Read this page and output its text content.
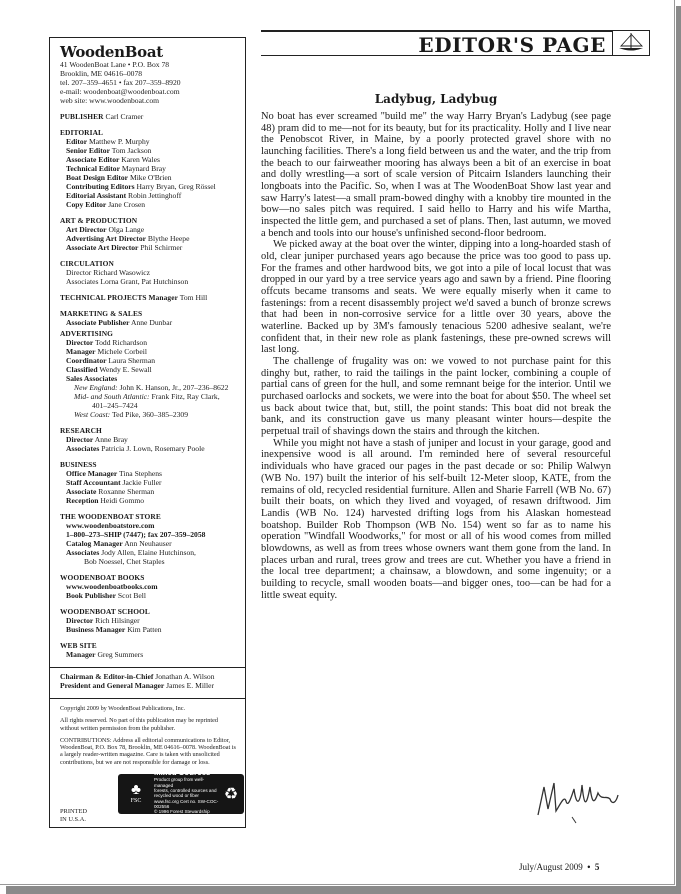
WoodenBoat
41 WoodenBoat Lane • P.O. Box 78
Brooklin, ME 04616–0078
tel. 207–359–4651 • fax 207–359–8920
e-mail: woodenboat@woodenboat.com
web site: www.woodenboat.com
PUBLISHER Carl Cramer
EDITORIAL
Editor Matthew P. Murphy
Senior Editor Tom Jackson
Associate Editor Karen Wales
Technical Editor Maynard Bray
Boat Design Editor Mike O'Brien
Contributing Editors Harry Bryan, Greg Rössel
Editorial Assistant Robin Jettinghoff
Copy Editor Jane Crosen
ART & PRODUCTION
Art Director Olga Lange
Advertising Art Director Blythe Heepe
Associate Art Director Phil Schirmer
CIRCULATION
Director Richard Wasowicz
Associates Lorna Grant, Pat Hutchinson
TECHNICAL PROJECTS Manager Tom Hill
MARKETING & SALES
Associate Publisher Anne Dunbar
ADVERTISING
Director Todd Richardson
Manager Michele Corbeil
Coordinator Laura Sherman
Classified Wendy E. Sewall
Sales Associates
New England: John K. Hanson, Jr., 207–236–8622
Mid- and South Atlantic: Frank Fitz, Ray Clark,
401–245–7424
West Coast: Ted Pike, 360–385–2309
RESEARCH
Director Anne Bray
Associates Patricia J. Lown, Rosemary Poole
BUSINESS
Office Manager Tina Stephens
Staff Accountant Jackie Fuller
Associate Roxanne Sherman
Reception Heidi Gommo
THE WOODENBOAT STORE
www.woodenboatstore.com
1–800–273–SHIP (7447); fax 207–359–2058
Catalog Manager Ann Neuhauser
Associates Jody Allen, Elaine Hutchinson,
Bob Noessel, Chet Staples
WOODENBOAT BOOKS
www.woodenboatbooks.com
Book Publisher Scot Bell
WOODENBOAT SCHOOL
Director Rich Hilsinger
Business Manager Kim Patten
WEB SITE
Manager Greg Summers
Chairman & Editor-in-Chief Jonathan A. Wilson
President and General Manager James E. Miller
Copyright 2009 by WoodenBoat Publications, Inc.
All rights reserved. No part of this publication may be reprinted without written permission from the publisher.
CONTRIBUTIONS: Address all editorial communications to Editor, WoodenBoat, P.O. Box 78, Brooklin, ME 04616–0078. WoodenBoat is a largely reader-written magazine. Care is taken with unsolicited contributions, but we are not responsible for damage or loss.
♣
FSC
Mixed Sources
Product group from well-managed
forests, controlled sources and
recycled wood or fiber
www.fsc.org Cert no. SW-COC-002556
© 1996 Forest Stewardship Council
♻
PRINTED
IN U.S.A.
EDITOR'S PAGE
Ladybug, Ladybug

No boat has ever screamed "build me" the way Harry Bryan's Ladybug (see page 48) pram did to me—not for its beauty, but for its practicality. Holly and I live near the Penobscot River, in Maine, by a poorly protected gravel shore with no launching facilities. There's a long field between us and the water, and the trip from the beach to our fairweather mooring has always been a bit of an exercise in boat and dolly wrestling—a sort of scale version of Pitcairn Islanders launching their longboats into the Pacific. So, when I was at The WoodenBoat Show last year and saw Harry's latest—a small pram-bowed dinghy with a knobby tire mounted in the bow—no sales pitch was required. I said hello to Harry and his wife Martha, inspected the little gem, and purchased a set of plans. Then, last autumn, we moved a bench and tools into our house's unfinished second-floor bedroom.

We picked away at the boat over the winter, dipping into a long-hoarded stash of old, clear juniper purchased years ago because the price was too good to pass up. For the frames and other hardwood bits, we got into a pile of local locust that was dropped in our yard by a tree service years ago and sawn by a friend. Pine flooring offcuts became transoms and seats. We were equally miserly when it came to fastenings: from a recent disassembly project we'd saved a bunch of bronze screws that had been in non-corrosive service for a little over 30 years, above the waterline. Backed up by 3M's famously tenacious 5200 adhesive sealant, we're confident that, in their new role as plank fastenings, these pre-owned screws will last long.

The challenge of frugality was on: we vowed to not purchase paint for this dinghy but, rather, to raid the tailings in the paint locker, combining a couple of partial cans of green for the hull, and some remnant beige for the interior. Until we purchased oarlocks and sockets, we were into the boat for about $50. The wheel set us back about twice that, but, still, the point stands: This boat did not break the bank, and its construction gave us many pleasant winter hours—despite the perpetual trail of shavings down the stairs and through the kitchen.

While you might not have a stash of juniper and locust in your garage, good and inexpensive wood is all around. I'm reminded here of several resourceful individuals who have graced our pages in the past decade or so: Philip Walwyn (WB No. 197) built the interior of his self-built 12-Meter sloop, KATE, from the remains of old, recycled residential furniture. Allen and Sharie Farrell (WB No. 67) built their boats, on which they lived and voyaged, of resawn driftwood. Jim Landis (WB No. 124) harvested drifting logs from his Alaskan homestead boatshop. Builder Rob Thompson (WB No. 154) went so far as to name his operation "Windfall Woodworks," for most or all of his wood comes from milled blowdowns, as well as from trees whose owners want them gone from the land. In places urban and rural, trees grow and trees are cut. Whether you have a friend in the local tree department; a chainsaw, a blowdown, and some ingenuity; or a building to recycle, small wooden boats—and bigger ones, too—can be had for a little sweat equity.

July/August 2009 • 5
